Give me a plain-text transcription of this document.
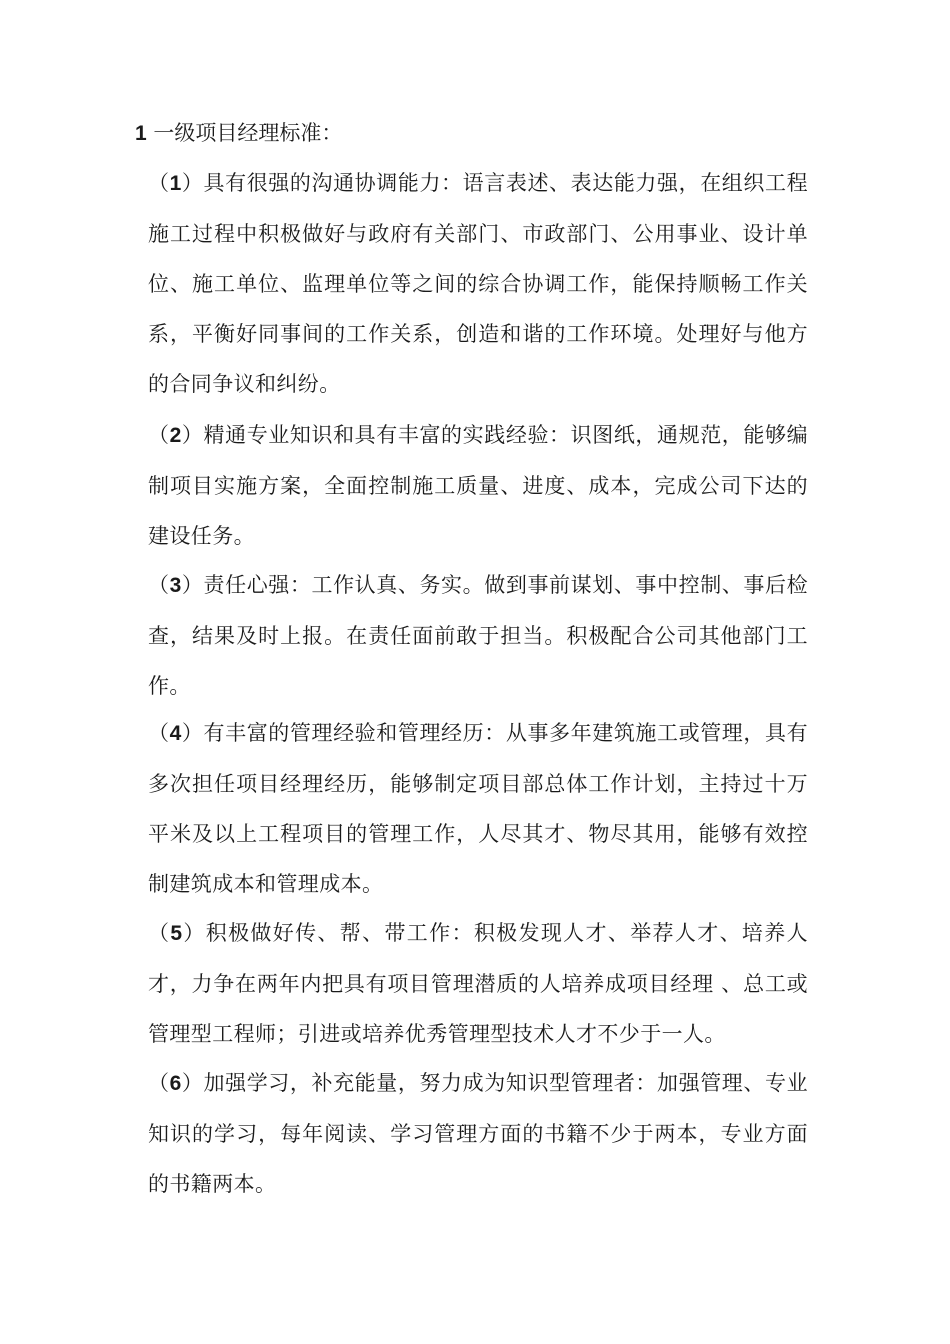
1 一级项目经理标准：
（1）具有很强的沟通协调能力：语言表述、表达能力强，在组织工程施工过程中积极做好与政府有关部门、市政部门、公用事业、设计单位、施工单位、监理单位等之间的综合协调工作，能保持顺畅工作关系，平衡好同事间的工作关系，创造和谐的工作环境。处理好与他方的合同争议和纠纷。
（2）精通专业知识和具有丰富的实践经验：识图纸，通规范，能够编制项目实施方案，全面控制施工质量、进度、成本，完成公司下达的建设任务。
（3）责任心强：工作认真、务实。做到事前谋划、事中控制、事后检查，结果及时上报。在责任面前敢于担当。积极配合公司其他部门工作。
（4）有丰富的管理经验和管理经历：从事多年建筑施工或管理，具有多次担任项目经理经历，能够制定项目部总体工作计划，主持过十万平米及以上工程项目的管理工作，人尽其才、物尽其用，能够有效控制建筑成本和管理成本。
（5）积极做好传、帮、带工作：积极发现人才、举荐人才、培养人才，力争在两年内把具有项目管理潜质的人培养成项目经理 、总工或管理型工程师；引进或培养优秀管理型技术人才不少于一人。
（6）加强学习，补充能量，努力成为知识型管理者：加强管理、专业知识的学习，每年阅读、学习管理方面的书籍不少于两本，专业方面的书籍两本。
